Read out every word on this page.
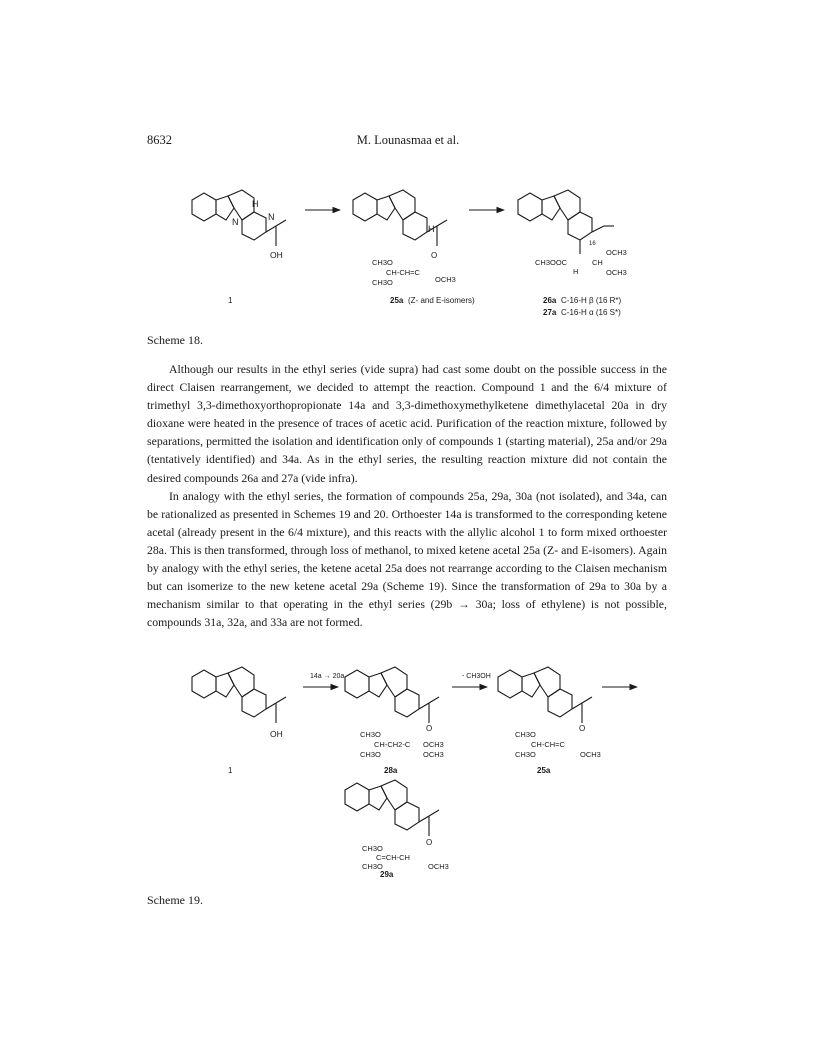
8632	M. Lounasmaa et al.
N
H
N
OH
H
O
CH3O
CH-CH=C
CH3O	OCH3
16
OCH3
CH3OOC	CH
H	OCH3
1	25a (Z- and E-isomers)	26a C-16-H β (16 R*)
27a C-16-H α (16 S*)
Scheme 18.

Although our results in the ethyl series (vide supra) had cast some doubt on the possible success in the direct Claisen rearrangement, we decided to attempt the reaction. Compound 1 and the 6/4 mixture of trimethyl 3,3-dimethoxyorthopropionate 14a and 3,3-dimethoxymethylketene dimethylacetal 20a in dry dioxane were heated in the presence of traces of acetic acid. Purification of the reaction mixture, followed by separations, permitted the isolation and identification only of compounds 1 (starting material), 25a and/or 29a (tentatively identified) and 34a. As in the ethyl series, the resulting reaction mixture did not contain the desired compounds 26a and 27a (vide infra).

In analogy with the ethyl series, the formation of compounds 25a, 29a, 30a (not isolated), and 34a, can be rationalized as presented in Schemes 19 and 20. Orthoester 14a is transformed to the corresponding ketene acetal (already present in the 6/4 mixture), and this reacts with the allylic alcohol 1 to form mixed orthoester 28a. This is then transformed, through loss of methanol, to mixed ketene acetal 25a (Z- and E-isomers). Again by analogy with the ethyl series, the ketene acetal 25a does not rearrange according to the Claisen mechanism but can isomerize to the new ketene acetal 29a (Scheme 19). Since the transformation of 29a to 30a by a mechanism similar to that operating in the ethyl series (29b → 30a; loss of ethylene) is not possible, compounds 31a, 32a, and 33a are not formed.

OH
14a → 20a
O
CH3O
CH-CH2-C
CH3O
OCH3
OCH3
- CH3OH
O
CH3O
CH-CH=C
CH3O	OCH3
1	28a	25a
O
CH3O
C=CH-CH
CH3O	OCH3
29a
Scheme 19.
